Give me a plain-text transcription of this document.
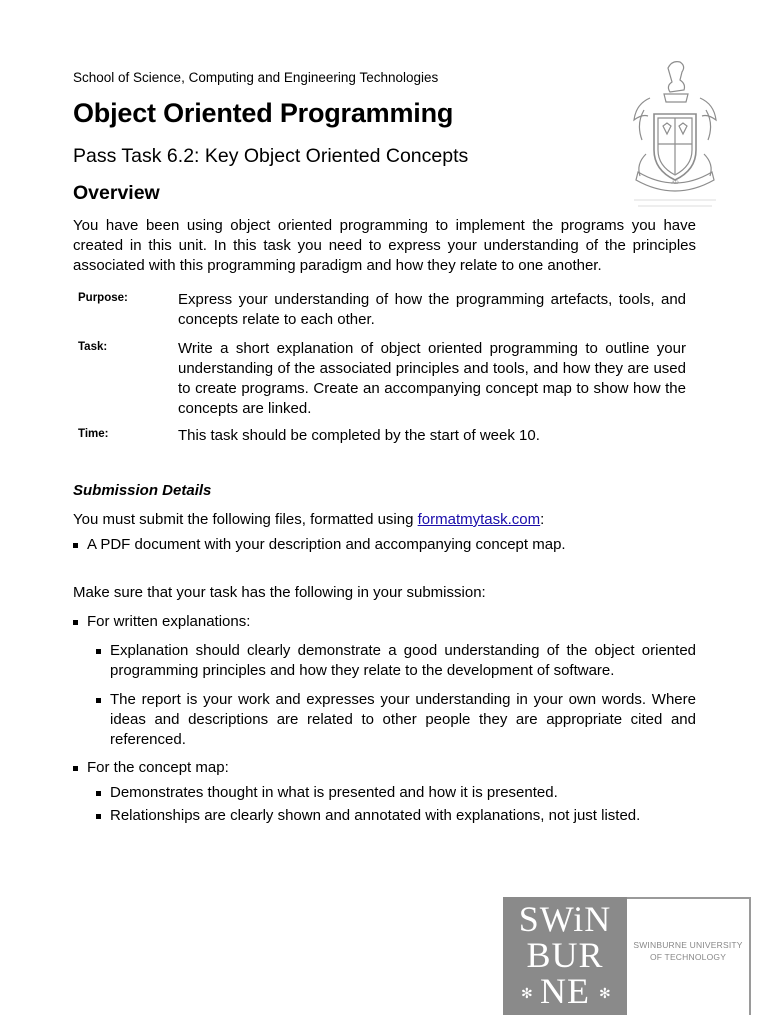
School of Science, Computing and Engineering Technologies
Object Oriented Programming
Pass Task 6.2: Key Object Oriented Concepts
Overview	AD
You have been using object oriented programming to implement the programs you have created in this unit. In this task you need to express your understanding of the principles associated with this programming paradigm and how they relate to one another.
Purpose:	Express your understanding of how the programming artefacts, tools, and concepts relate to each other.
Task:	Write a short explanation of object oriented programming to outline your understanding of the associated principles and tools, and how they are used to create programs. Create an accompanying concept map to show how the concepts are linked.
Time:	This task should be completed by the start of week 10.
Submission Details
You must submit the following files, formatted using formatmytask.com:
A PDF document with your description and accompanying concept map.
Make sure that your task has the following in your submission:
For written explanations:
Explanation should clearly demonstrate a good understanding of the object oriented programming principles and how they relate to the development of software.
The report is your work and expresses your understanding in your own words. Where ideas and descriptions are related to other people they are appropriate cited and referenced.
For the concept map:
Demonstrates thought in what is presented and how it is presented.
Relationships are clearly shown and annotated with explanations, not just listed.
SWiN
BUR
NE
✻	✻
SWINBURNE UNIVERSITY
OF TECHNOLOGY
